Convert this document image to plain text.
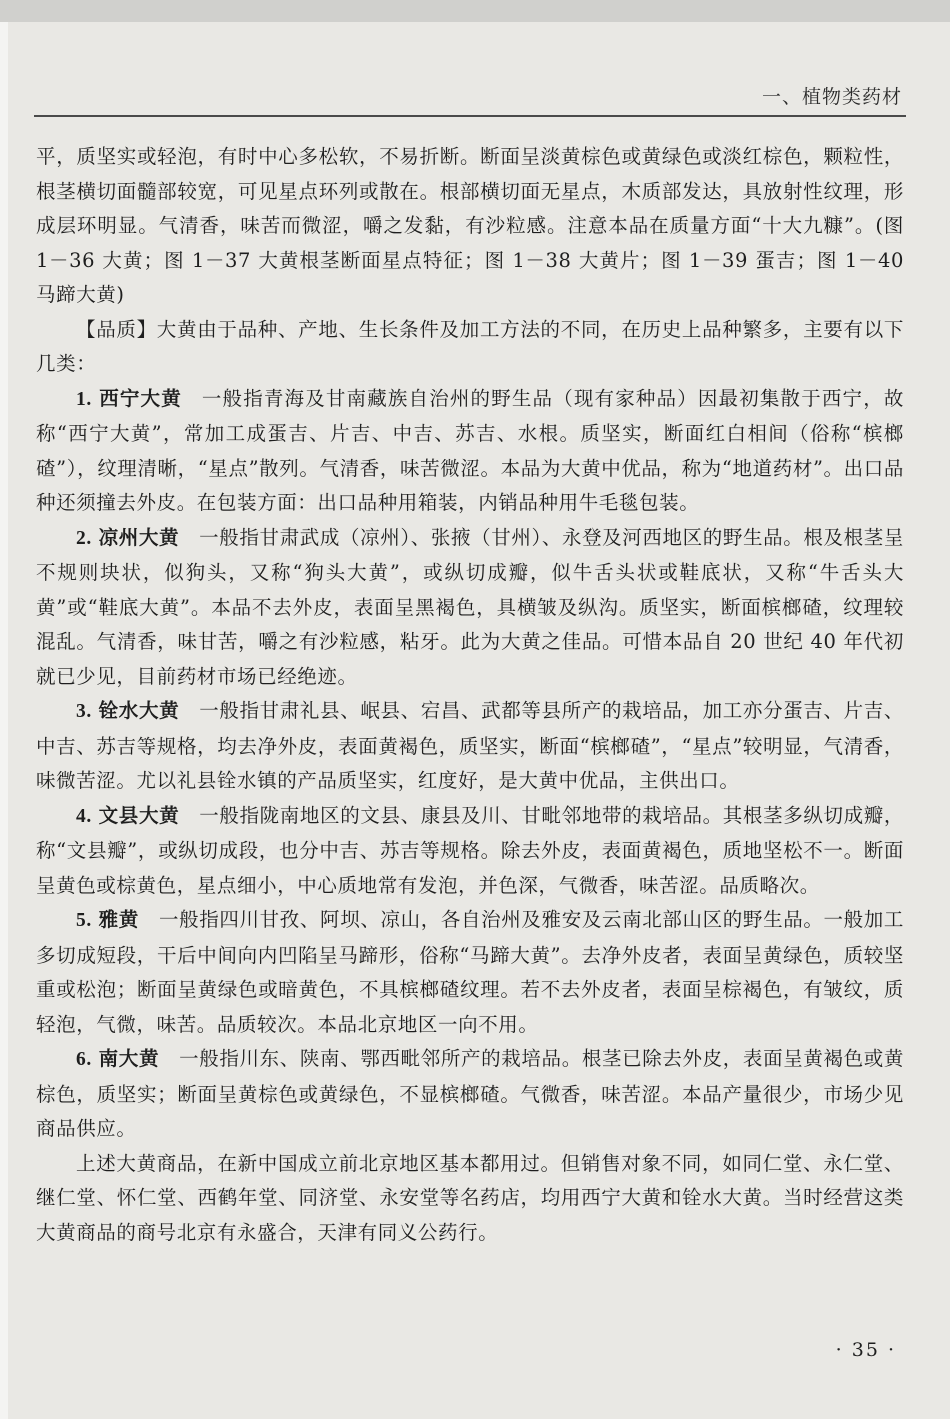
一、植物类药材

平，质坚实或轻泡，有时中心多松软，不易折断。断面呈淡黄棕色或黄绿色或淡红棕色，颗粒性，根茎横切面髓部较宽，可见星点环列或散在。根部横切面无星点，木质部发达，具放射性纹理，形成层环明显。气清香，味苦而微涩，嚼之发黏，有沙粒感。注意本品在质量方面“十大九糠”。(图 1－36 大黄；图 1－37 大黄根茎断面星点特征；图 1－38 大黄片；图 1－39 蛋吉；图 1－40 马蹄大黄)

【品质】大黄由于品种、产地、生长条件及加工方法的不同，在历史上品种繁多，主要有以下几类：

1. 西宁大黄 一般指青海及甘南藏族自治州的野生品（现有家种品）因最初集散于西宁，故称“西宁大黄”，常加工成蛋吉、片吉、中吉、苏吉、水根。质坚实，断面红白相间（俗称“槟榔碴”），纹理清晰，“星点”散列。气清香，味苦微涩。本品为大黄中优品，称为“地道药材”。出口品种还须撞去外皮。在包装方面：出口品种用箱装，内销品种用牛毛毯包装。

2. 凉州大黄 一般指甘肃武成（凉州）、张掖（甘州）、永登及河西地区的野生品。根及根茎呈不规则块状，似狗头，又称“狗头大黄”，或纵切成瓣，似牛舌头状或鞋底状，又称“牛舌头大黄”或“鞋底大黄”。本品不去外皮，表面呈黑褐色，具横皱及纵沟。质坚实，断面槟榔碴，纹理较混乱。气清香，味甘苦，嚼之有沙粒感，粘牙。此为大黄之佳品。可惜本品自 20 世纪 40 年代初就已少见，目前药材市场已经绝迹。

3. 铨水大黄 一般指甘肃礼县、岷县、宕昌、武都等县所产的栽培品，加工亦分蛋吉、片吉、中吉、苏吉等规格，均去净外皮，表面黄褐色，质坚实，断面“槟榔碴”，“星点”较明显，气清香，味微苦涩。尤以礼县铨水镇的产品质坚实，红度好，是大黄中优品，主供出口。

4. 文县大黄 一般指陇南地区的文县、康县及川、甘毗邻地带的栽培品。其根茎多纵切成瓣，称“文县瓣”，或纵切成段，也分中吉、苏吉等规格。除去外皮，表面黄褐色，质地坚松不一。断面呈黄色或棕黄色，星点细小，中心质地常有发泡，并色深，气微香，味苦涩。品质略次。

5. 雅黄 一般指四川甘孜、阿坝、凉山，各自治州及雅安及云南北部山区的野生品。一般加工多切成短段，干后中间向内凹陷呈马蹄形，俗称“马蹄大黄”。去净外皮者，表面呈黄绿色，质较坚重或松泡；断面呈黄绿色或暗黄色，不具槟榔碴纹理。若不去外皮者，表面呈棕褐色，有皱纹，质轻泡，气微，味苦。品质较次。本品北京地区一向不用。

6. 南大黄 一般指川东、陕南、鄂西毗邻所产的栽培品。根茎已除去外皮，表面呈黄褐色或黄棕色，质坚实；断面呈黄棕色或黄绿色，不显槟榔碴。气微香，味苦涩。本品产量很少，市场少见商品供应。

上述大黄商品，在新中国成立前北京地区基本都用过。但销售对象不同，如同仁堂、永仁堂、继仁堂、怀仁堂、西鹤年堂、同济堂、永安堂等名药店，均用西宁大黄和铨水大黄。当时经营这类大黄商品的商号北京有永盛合，天津有同义公药行。

· 35 ·
